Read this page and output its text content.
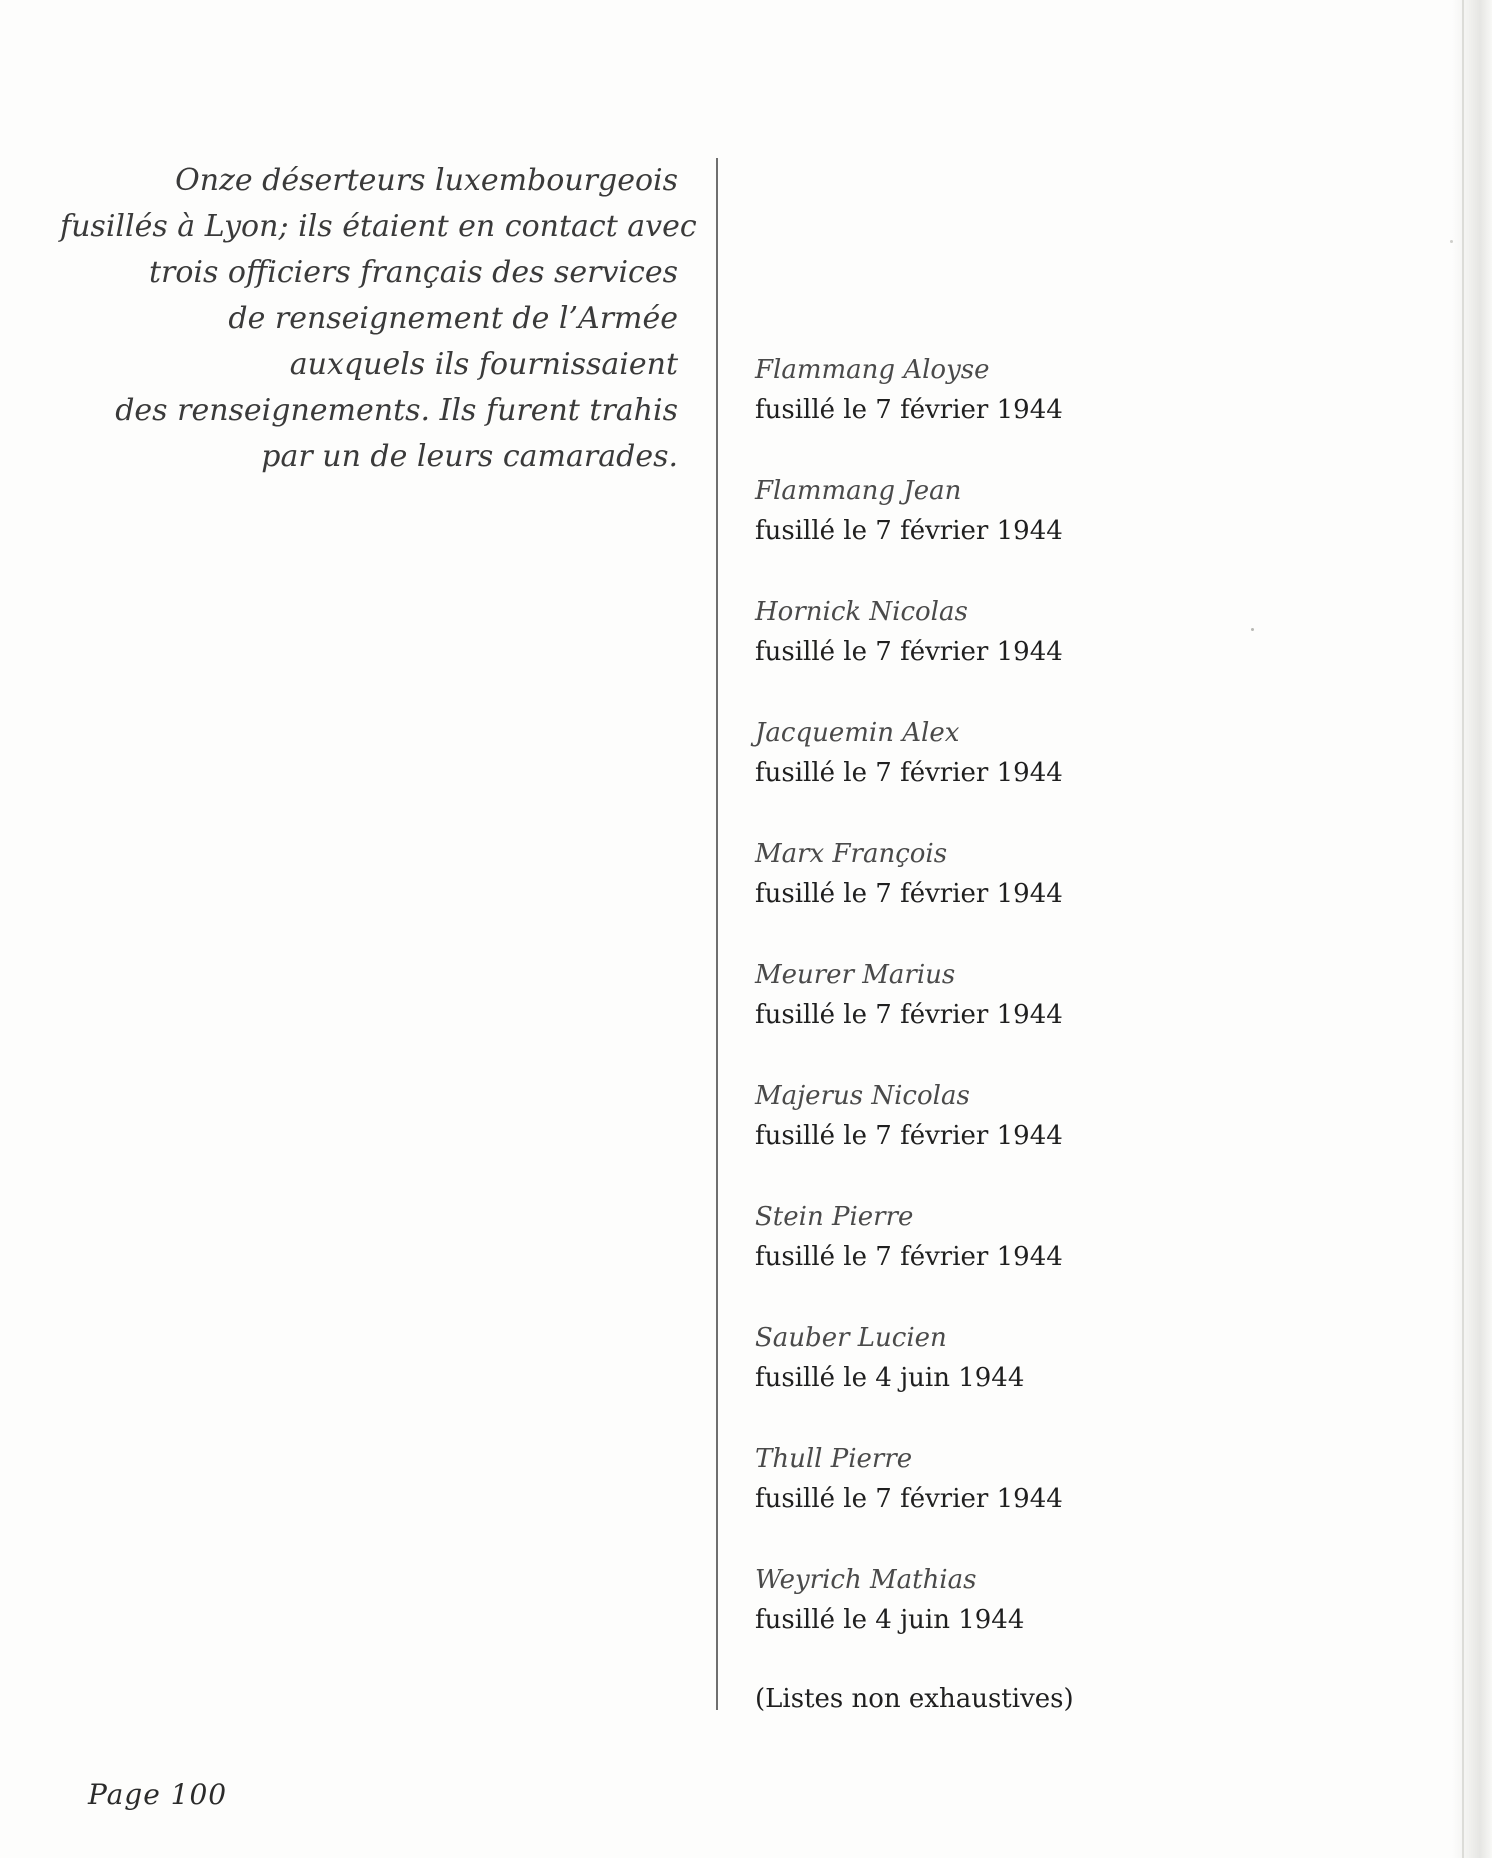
Onze déserteurs luxembourgeois
fusillés à Lyon; ils étaient en contact avec
trois officiers français des services
de renseignement de l’Armée
auxquels ils fournissaient
des renseignements. Ils furent trahis
par un de leurs camarades.
Flammang Aloyse
fusillé le 7 février 1944
Flammang Jean
fusillé le 7 février 1944
Hornick Nicolas
fusillé le 7 février 1944
Jacquemin Alex
fusillé le 7 février 1944
Marx François
fusillé le 7 février 1944
Meurer Marius
fusillé le 7 février 1944
Majerus Nicolas
fusillé le 7 février 1944
Stein Pierre
fusillé le 7 février 1944
Sauber Lucien
fusillé le 4 juin 1944
Thull Pierre
fusillé le 7 février 1944
Weyrich Mathias
fusillé le 4 juin 1944
(Listes non exhaustives)
Page 100
